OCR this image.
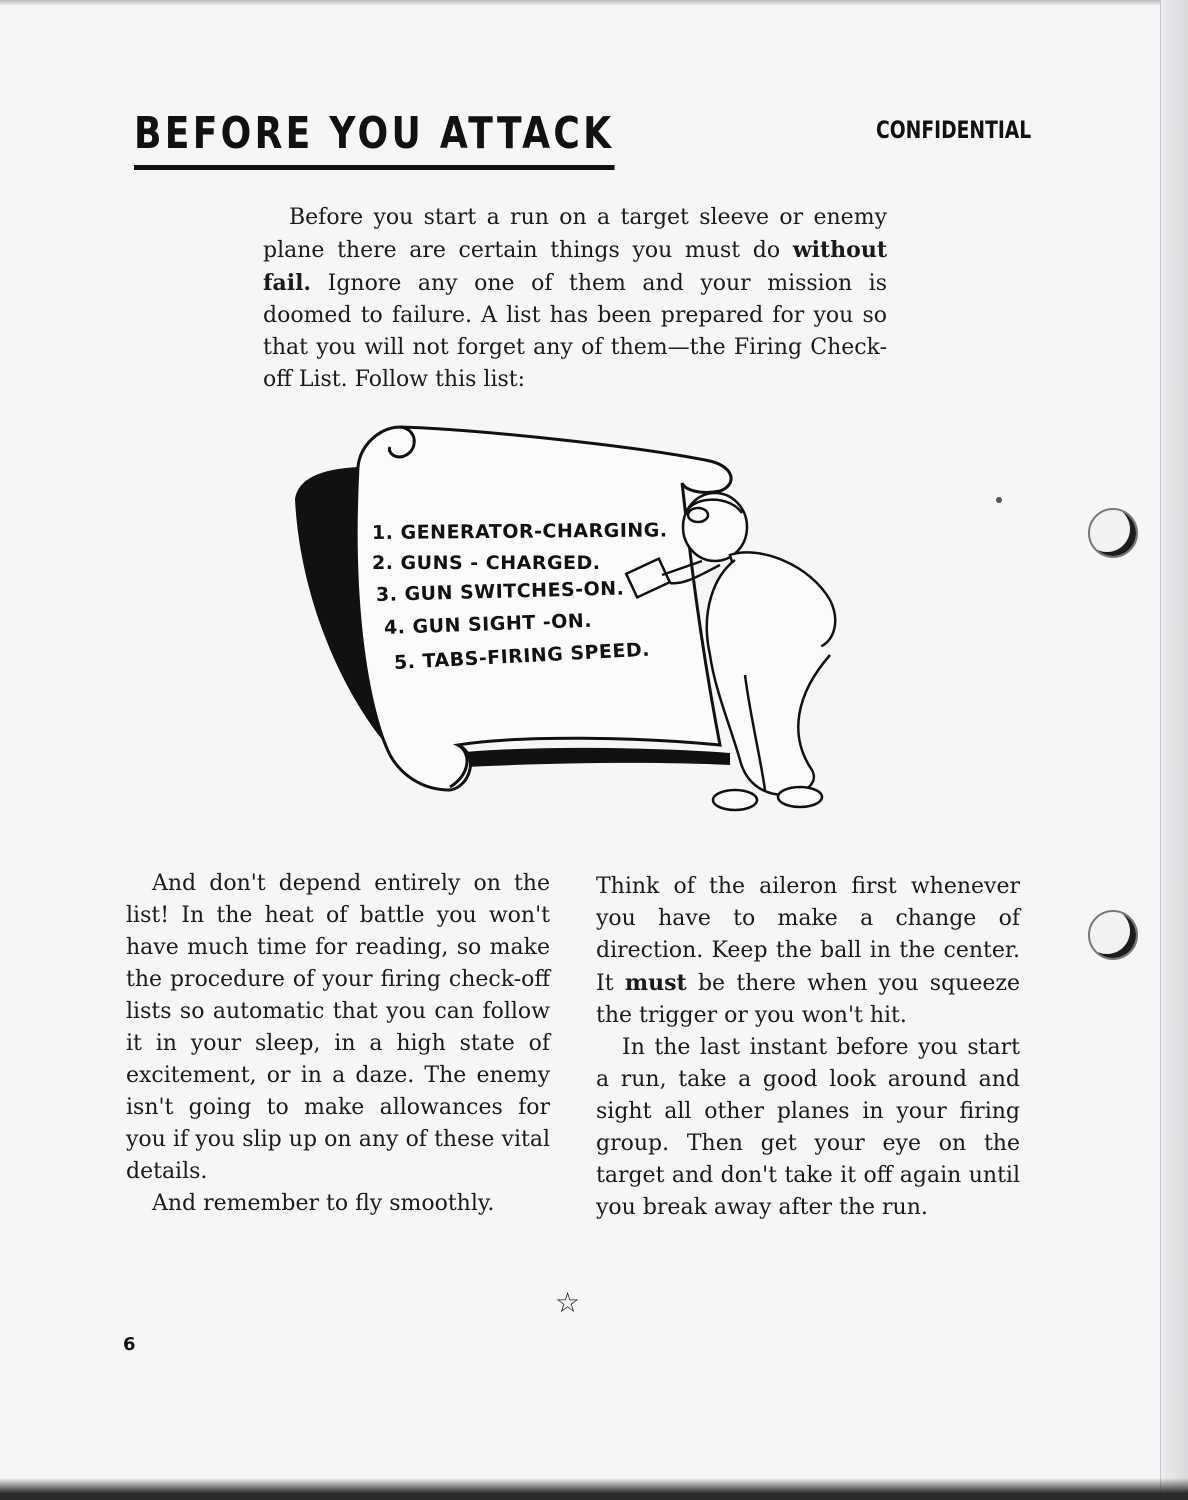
BEFORE YOU ATTACK	CONFIDENTIAL

Before you start a run on a target sleeve or enemy plane there are certain things you must do without fail. Ignore any one of them and your mission is doomed to failure. A list has been prepared for you so that you will not forget any of them—the Firing Check-off List. Follow this list:

1. GENERATOR-CHARGING.
2. GUNS - CHARGED.
3. GUN SWITCHES-ON.
4. GUN SIGHT -ON.
5. TABS-FIRING SPEED.

And don't depend entirely on the list! In the heat of battle you won't have much time for reading, so make the procedure of your firing check-off lists so automatic that you can follow it in your sleep, in a high state of excitement, or in a daze. The enemy isn't going to make allowances for you if you slip up on any of these vital details.

And remember to fly smoothly.

Think of the aileron first whenever you have to make a change of direction. Keep the ball in the center. It must be there when you squeeze the trigger or you won't hit.

In the last instant before you start a run, take a good look around and sight all other planes in your firing group. Then get your eye on the target and don't take it off again until you break away after the run.

☆
6
